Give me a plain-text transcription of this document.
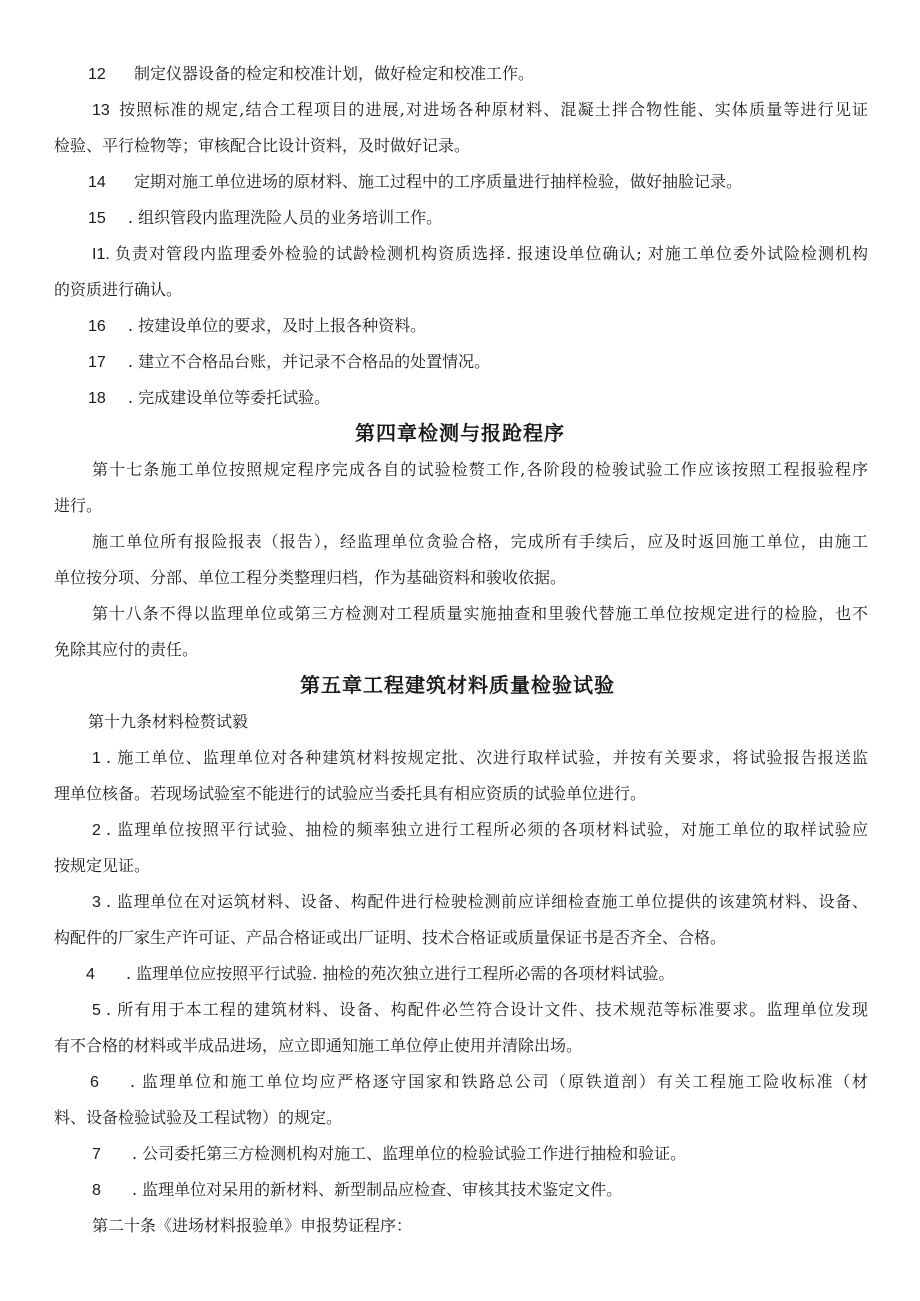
12 制定仪器设备的检定和校准计划，做好检定和校准工作。
13 按照标准的规定,结合工程项目的进展,对进场各种原材料、混凝土拌合物性能、实体质量等进行见证
检验、平行检物等；审核配合比设计资料，及时做好记录。
14 定期对施工单位进场的原材料、施工过程中的工序质量进行抽样检验，做好抽脸记录。
15 . 组织管段内监理洗险人员的业务培训工作。
I1. 负责对管段内监理委外检验的试龄检测机构资质选择. 报速设单位确认; 对施工单位委外试险检测机构
的资质进行确认。
16 . 按建设单位的要求，及时上报各种资料。
17 . 建立不合格品台账，并记录不合格品的处置情况。
18 . 完成建设单位等委托试验。
第四章检测与报跄程序
第十七条施工单位按照规定程序完成各自的试验检赘工作,各阶段的检骏试验工作应该按照工程报验程序
进行。
施工单位所有报险报表（报告），经监理单位贪验合格，完成所有手续后，应及时返回施工单位，由施工
单位按分项、分部、单位工程分类整理归档，作为基础资料和骏收依据。
第十八条不得以监理单位或第三方检测对工程质量实施抽查和里骏代替施工单位按规定进行的检脸，也不
免除其应付的责任。
第五章工程建筑材料质量检验试验
第十九条材料检赘试毅
1 . 施工单位、监理单位对各种建筑材料按规定批、次进行取样试验，并按有关要求，将试验报告报送监
理单位核备。若现场试验室不能进行的试验应当委托具有相应资质的试验单位进行。
2 . 监理单位按照平行试验、抽检的频率独立进行工程所必须的各项材料试验，对施工单位的取样试验应
按规定见证。
3 . 监理单位在对运筑材料、设备、构配件进行检驶检测前应详细检查施工单位提供的该建筑材料、设备、
构配件的厂家生产许可证、产品合格证或出厂证明、技术合格证或质量保证书是否齐全、合格。
4 . 监理单位应按照平行试验. 抽检的苑次独立进行工程所必需的各项材料试验。
5 . 所有用于本工程的建筑材料、设备、构配件必竺符合设计文件、技术规范等标准要求。监理单位发现
有不合格的材料或半成品进场，应立即通知施工单位停止使用并清除出场。
6 . 监理单位和施工单位均应严格逐守国家和铁路总公司（原铁道剖）有关工程施工险收标准（材
料、设备检验试验及工程试物）的规定。
7 . 公司委托第三方检测机构对施工、监理单位的检验试验工作进行抽检和验证。
8 . 监理单位对呆用的新材料、新型制品应检查、审核其技术鉴定文件。
第二十条《进场材料报验单》申报势证程序：
